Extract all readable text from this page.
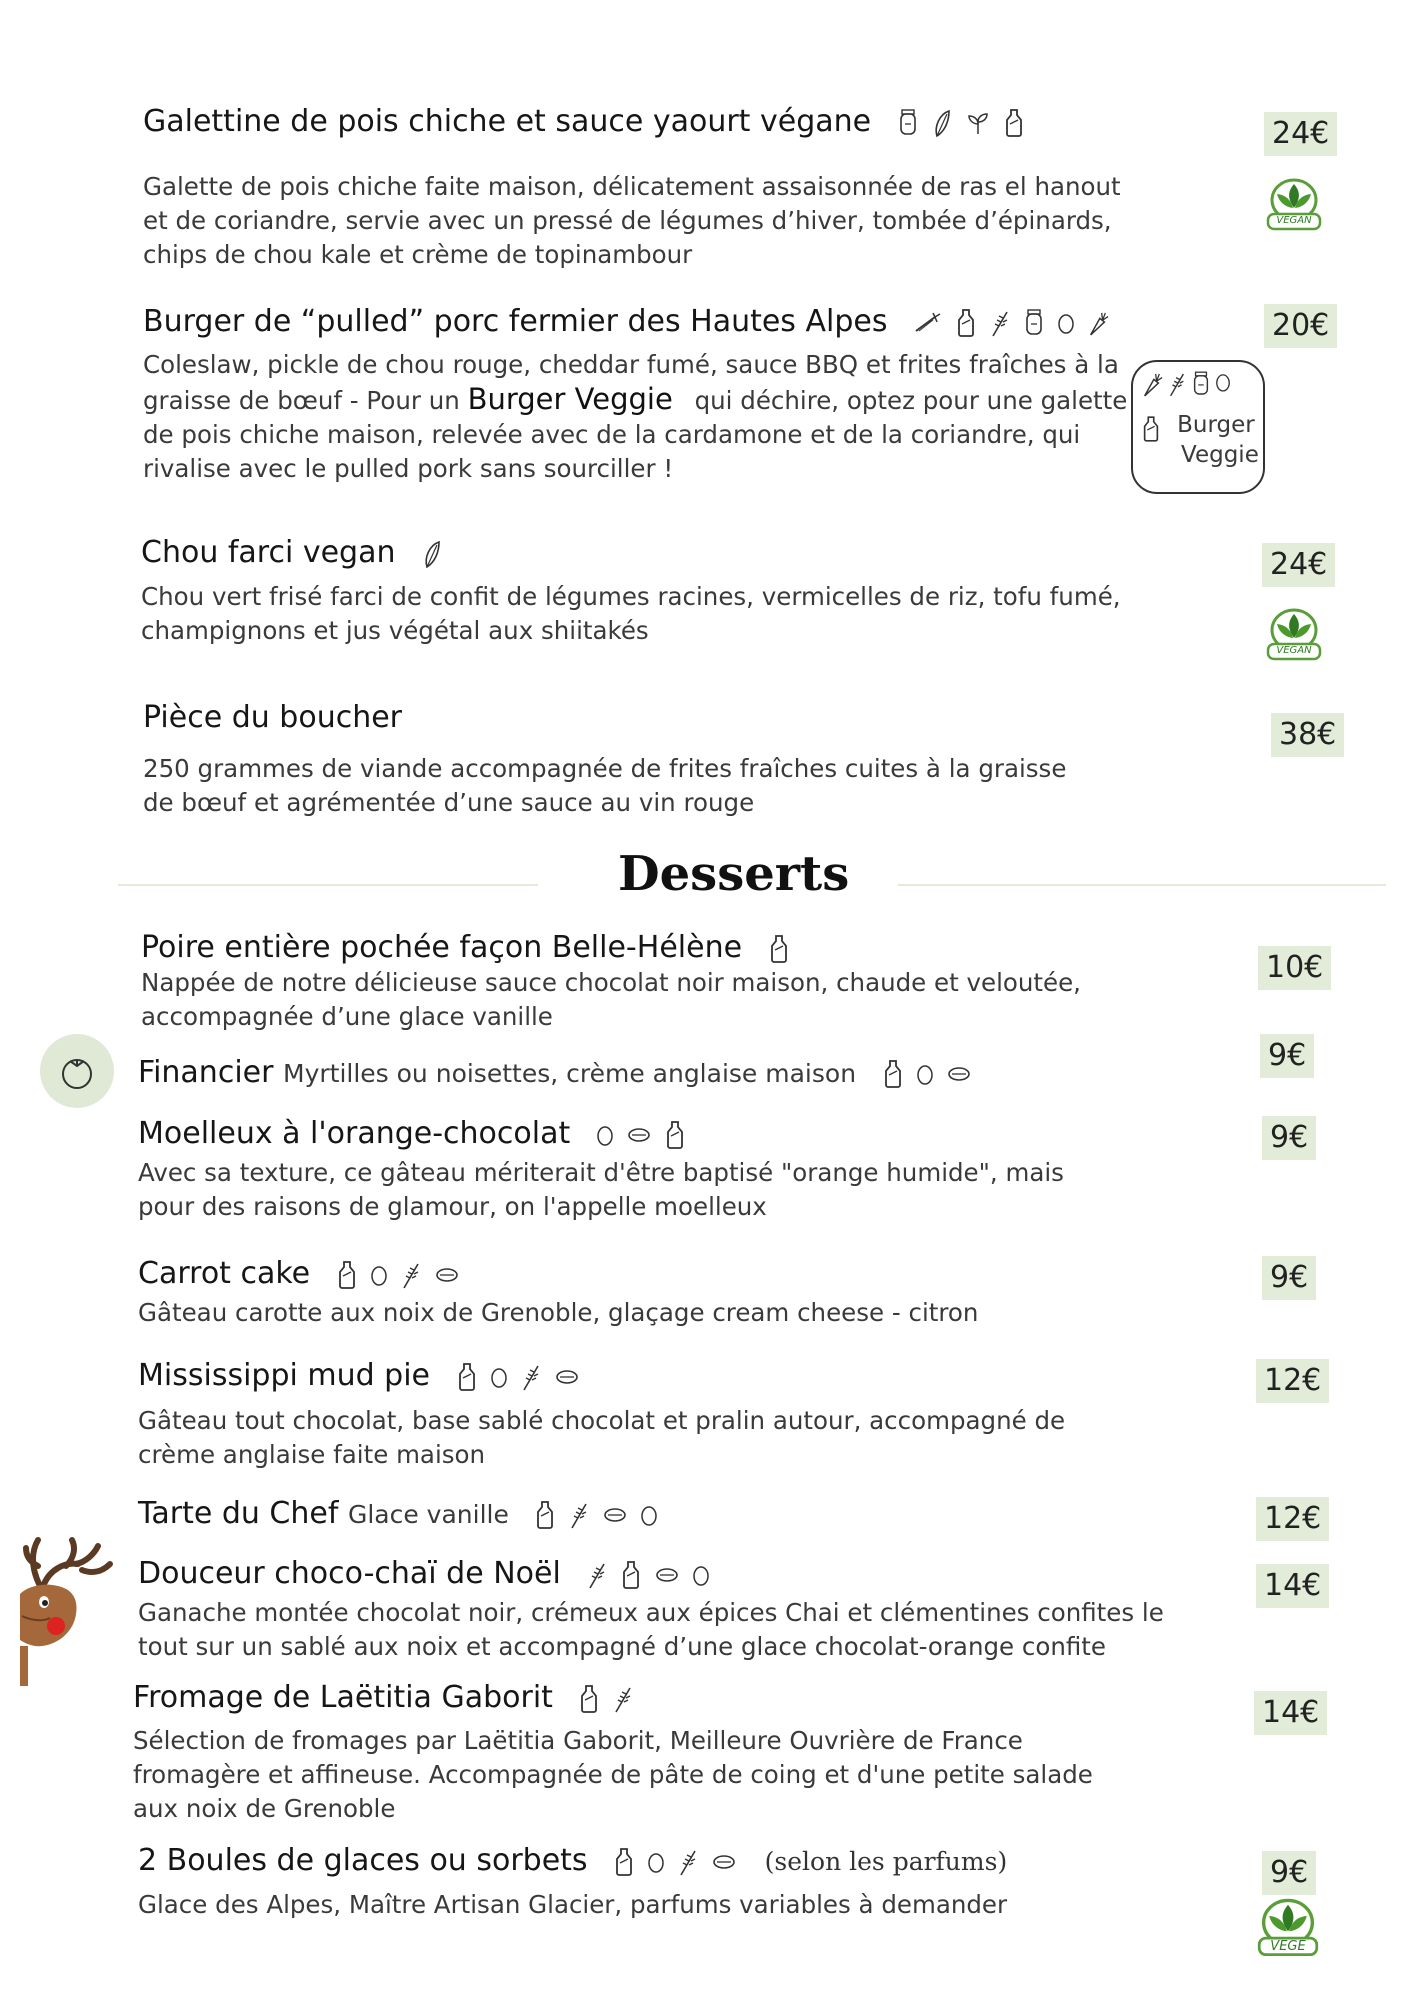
Galettine de pois chiche et sauce yaourt végane	24€
Galette de pois chiche faite maison, délicatement assaisonnée de ras el hanout
et de coriandre, servie avec un pressé de légumes d’hiver, tombée d’épinards,
chips de chou kale et crème de topinambour
VEGAN
Burger de “pulled” porc fermier des Hautes Alpes	20€
Coleslaw, pickle de chou rouge, cheddar fumé, sauce BBQ et frites fraîches à la
graisse de bœuf - Pour un Burger Veggie qui déchire, optez pour une galette
de pois chiche maison, relevée avec de la cardamone et de la coriandre, qui
rivalise avec le pulled pork sans sourciller !
Burger
Veggie
Chou farci vegan	24€
Chou vert frisé farci de confit de légumes racines, vermicelles de riz, tofu fumé,
champignons et jus végétal aux shiitakés
VEGAN
Pièce du boucher	38€
250 grammes de viande accompagnée de frites fraîches cuites à la graisse
de bœuf et agrémentée d’une sauce au vin rouge
Desserts
Poire entière pochée façon Belle-Hélène
10€
Nappée de notre délicieuse sauce chocolat noir maison, chaude et veloutée,
accompagnée d’une glace vanille
Financier Myrtilles ou noisettes, crème anglaise maison
9€
Moelleux à l'orange-chocolat	9€
Avec sa texture, ce gâteau mériterait d'être baptisé "orange humide", mais
pour des raisons de glamour, on l'appelle moelleux
Carrot cake	9€
Gâteau carotte aux noix de Grenoble, glaçage cream cheese - citron
Mississippi mud pie	12€
Gâteau tout chocolat, base sablé chocolat et pralin autour, accompagné de
crème anglaise faite maison
Tarte du Chef Glace vanille	12€
Douceur choco-chaï de Noël	14€
Ganache montée chocolat noir, crémeux aux épices Chai et clémentines confites le
tout sur un sablé aux noix et accompagné d’une glace chocolat-orange confite
Fromage de Laëtitia Gaborit	14€
Sélection de fromages par Laëtitia Gaborit, Meilleure Ouvrière de France
fromagère et affineuse. Accompagnée de pâte de coing et d'une petite salade
aux noix de Grenoble
2 Boules de glaces ou sorbets	(selon les parfums)	9€
Glace des Alpes, Maître Artisan Glacier, parfums variables à demander
VEGE
